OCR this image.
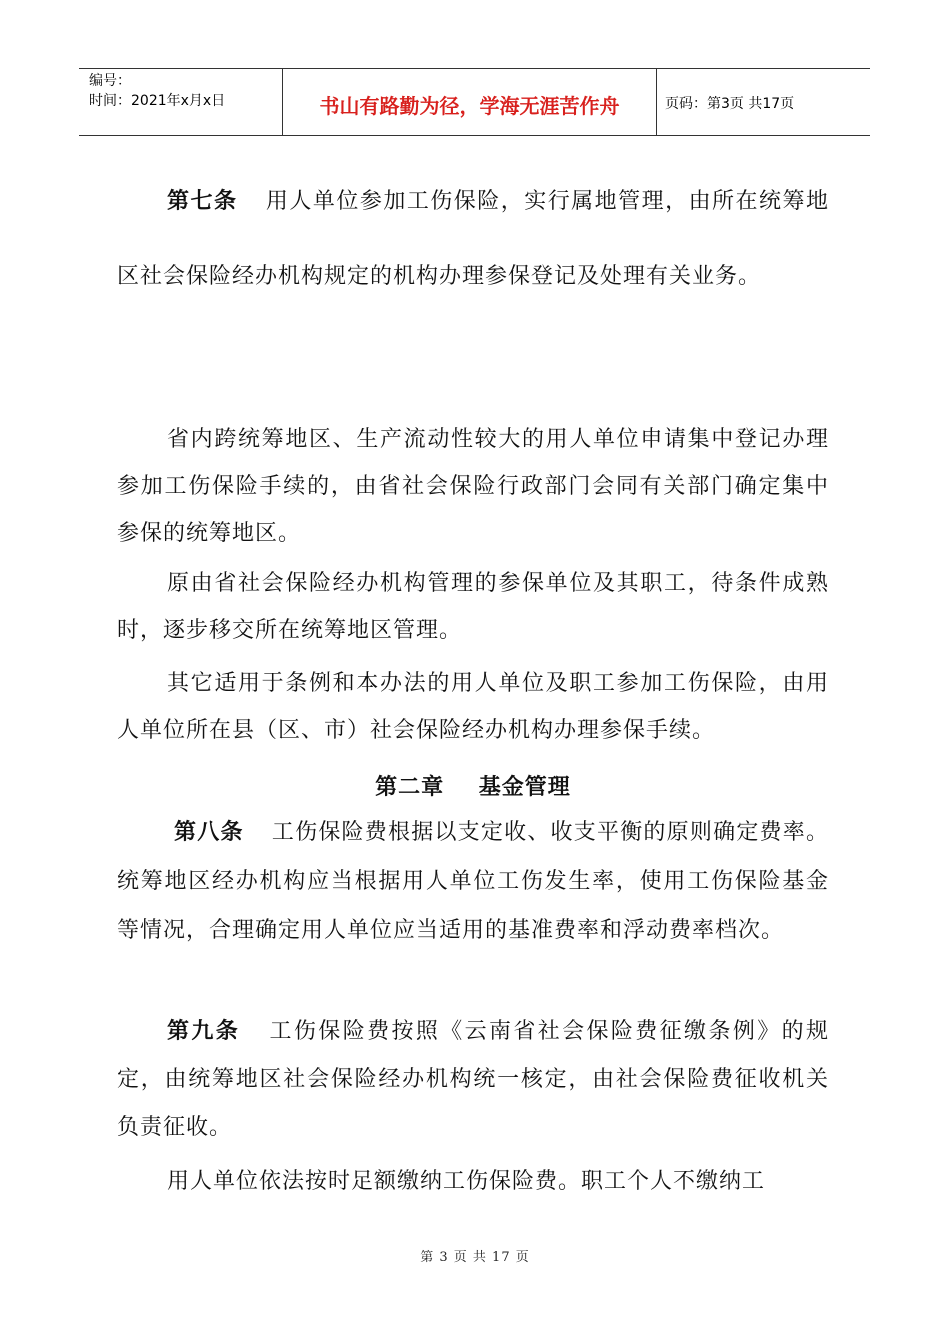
编号：
时间：2021年x月x日	书山有路勤为径，学海无涯苦作舟	页码：第3页 共17页

第七条 用人单位参加工伤保险，实行属地管理，由所在统筹地区社会保险经办机构规定的机构办理参保登记及处理有关业务。

省内跨统筹地区、生产流动性较大的用人单位申请集中登记办理参加工伤保险手续的，由省社会保险行政部门会同有关部门确定集中参保的统筹地区。

原由省社会保险经办机构管理的参保单位及其职工，待条件成熟时，逐步移交所在统筹地区管理。

其它适用于条例和本办法的用人单位及职工参加工伤保险，由用人单位所在县（区、市）社会保险经办机构办理参保手续。

第二章    基金管理

第八条 工伤保险费根据以支定收、收支平衡的原则确定费率。统筹地区经办机构应当根据用人单位工伤发生率，使用工伤保险基金等情况，合理确定用人单位应当适用的基准费率和浮动费率档次。

第九条 工伤保险费按照《云南省社会保险费征缴条例》的规定，由统筹地区社会保险经办机构统一核定，由社会保险费征收机关负责征收。

用人单位依法按时足额缴纳工伤保险费。职工个人不缴纳工

第 3 页 共 17 页
